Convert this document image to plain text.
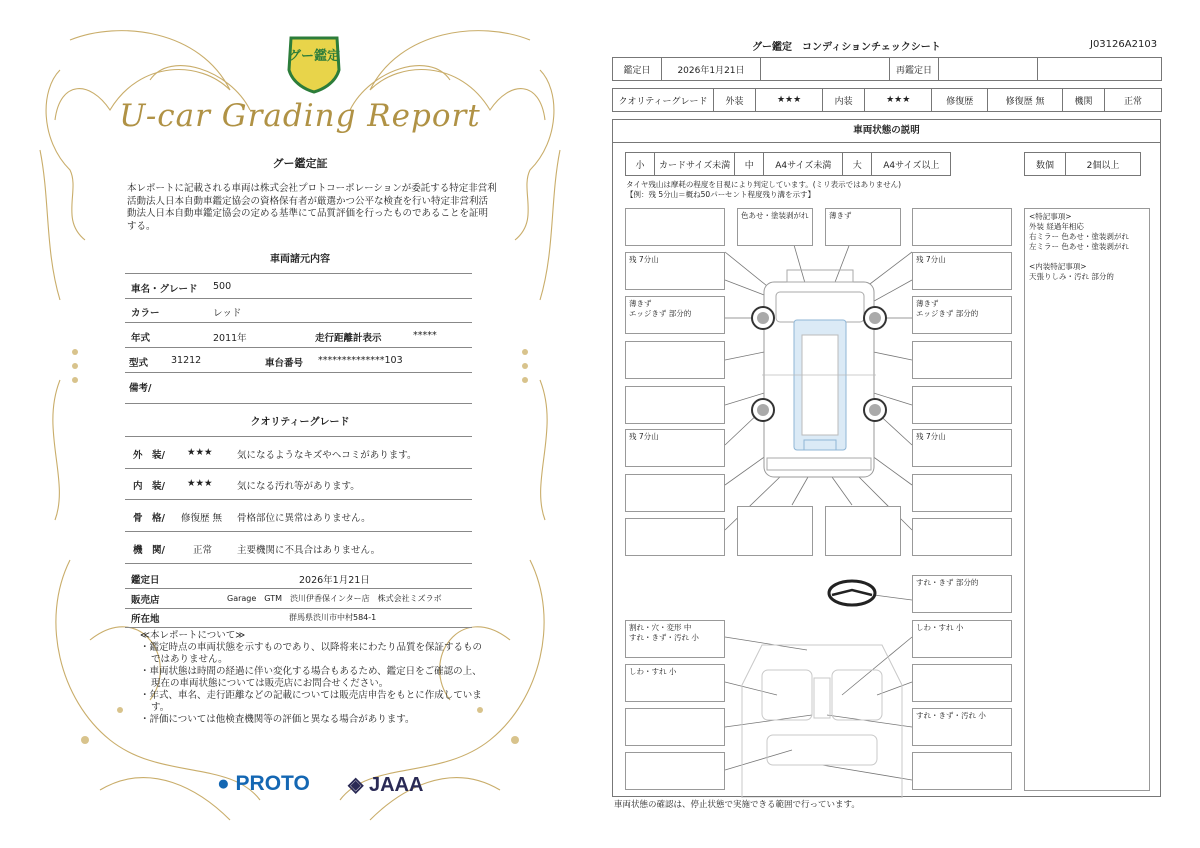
グー鑑定
U-car Grading Report
グー鑑定証
本レポートに記載される車両は株式会社プロトコーポレーションが委託する特定非営利活動法人日本自動車鑑定協会の資格保有者が厳選かつ公平な検査を行い特定非営利活動法人日本自動車鑑定協会の定める基準にて品質評価を行ったものであることを証明する。
車両諸元内容
車名・グレード 500
カラー	レッド
年式	2011年	走行距離計表示	*****
型式 31212	車台番号 **************103
備考/
クオリティーグレード
外　装/ ★★★	気になるようなキズやヘコミがあります。
内　装/ ★★★	気になる汚れ等があります。
骨　格/ 修復歴 無 骨格部位に異常はありません。
機　関/	正常	主要機関に不具合はありません。
鑑定日	2026年1月21日
販売店	Garage　GTM　渋川伊香保インター店　株式会社ミズラボ
所在地	群馬県渋川市中村584-1
≪本レポートについて≫
・鑑定時点の車両状態を示すものであり、以降将来にわたり品質を保証するものではありません。
・車両状態は時間の経過に伴い変化する場合もあるため、鑑定日をご確認の上、現在の車両状態については販売店にお問合せください。
・年式、車名、走行距離などの記載については販売店申告をもとに作成しています。
・評価については他検査機関等の評価と異なる場合があります。
● PROTO ◈ JAAA
グー鑑定　コンディションチェックシート	J03126A2103
鑑定日	2026年1月21日		再鑑定日		
クオリティーグレード	外装	★★★	内装	★★★	修復歴	修復歴 無	機関	正常
車両状態の説明
小	カードサイズ未満	中	A4サイズ未満	大	A4サイズ以上	数個	2個以上
タイヤ残山は摩耗の程度を目視により判定しています。(ミリ表示ではありません)
【例：残 5分山＝概ね50パーセント程度残り溝を示す】
残 7分山
薄きず
エッジきず 部分的
残 7分山
色あせ・塗装剥がれ	薄きず
残 7分山
薄きず
エッジきず 部分的
残 7分山
すれ・きず 部分的
割れ・穴・変形 中
すれ・きず・汚れ 小
しわ・すれ 小
しわ・すれ 小
すれ・きず・汚れ 小
<特記事項>
外装 経過年相応
右ミラー 色あせ・塗装剥がれ
左ミラー 色あせ・塗装剥がれ
<内装特記事項>
天張りしみ・汚れ 部分的
車両状態の確認は、停止状態で実施できる範囲で行っています。
